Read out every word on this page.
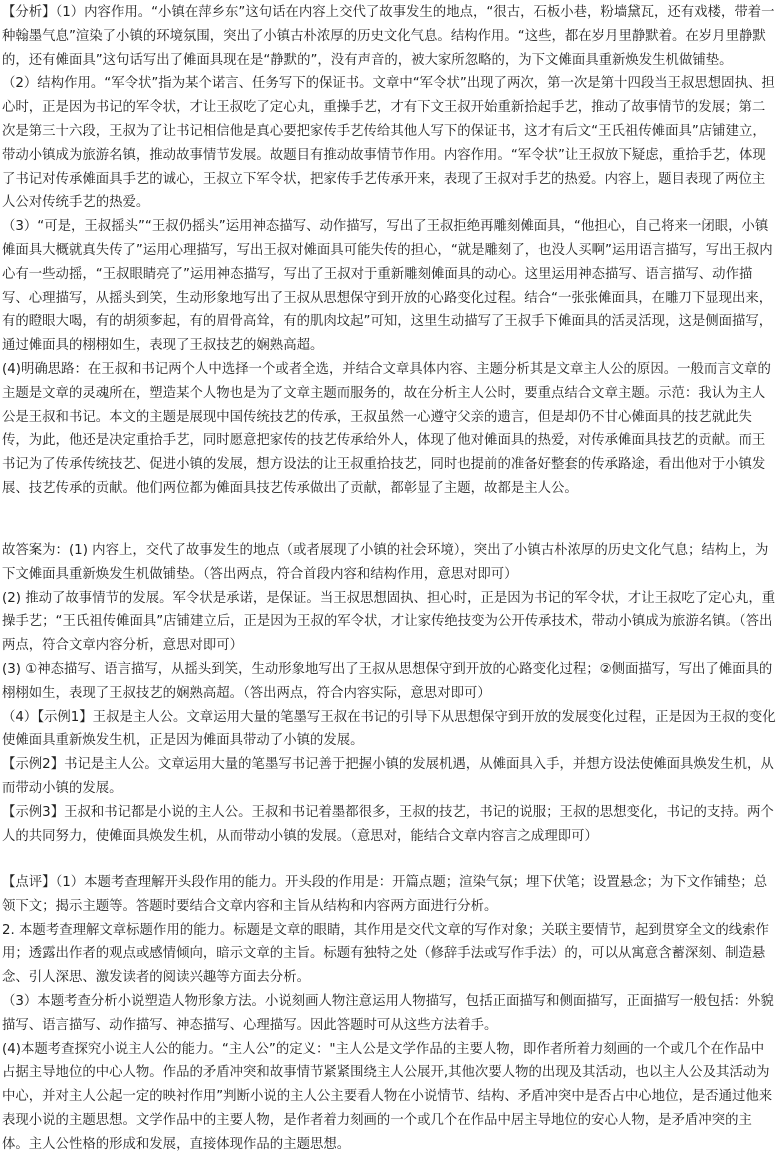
【分析】（1）内容作用。“小镇在萍乡东”这句话在内容上交代了故事发生的地点，“很古，石板小巷，粉墙黛瓦，还有戏楼，带着一种翰墨气息”渲染了小镇的环境氛围，突出了小镇古朴浓厚的历史文化气息。结构作用。“这些，都在岁月里静默着。在岁月里静默的，还有傩面具”这句话写出了傩面具现在是“静默的”，没有声音的，被大家所忽略的，为下文傩面具重新焕发生机做铺垫。

（2）结构作用。“军令状”指为某个诺言、任务写下的保证书。文章中“军令状”出现了两次，第一次是第十四段当王叔思想固执、担心时，正是因为书记的军令状，才让王叔吃了定心丸，重操手艺，才有下文王叔开始重新拾起手艺，推动了故事情节的发展；第二次是第三十六段，王叔为了让书记相信他是真心要把家传手艺传给其他人写下的保证书，这才有后文“王氏祖传傩面具”店铺建立，带动小镇成为旅游名镇，推动故事情节发展。故题目有推动故事情节作用。内容作用。“军令状”让王叔放下疑虑，重拾手艺，体现了书记对传承傩面具手艺的诚心，王叔立下军令状，把家传手艺传承开来，表现了王叔对手艺的热爱。内容上，题目表现了两位主人公对传统手艺的热爱。

（3）“可是，王叔摇头”“王叔仍摇头”运用神态描写、动作描写，写出了王叔拒绝再雕刻傩面具，“他担心，自己将来一闭眼，小镇傩面具大概就真失传了”运用心理描写，写出王叔对傩面具可能失传的担心，“就是雕刻了，也没人买啊”运用语言描写，写出王叔内心有一些动摇，“王叔眼睛亮了”运用神态描写，写出了王叔对于重新雕刻傩面具的动心。这里运用神态描写、语言描写、动作描写、心理描写，从摇头到笑，生动形象地写出了王叔从思想保守到开放的心路变化过程。结合“一张张傩面具，在雕刀下显现出来，有的瞪眼大喝，有的胡须奓起，有的眉骨高耸，有的肌肉坟起”可知，这里生动描写了王叔手下傩面具的活灵活现，这是侧面描写，通过傩面具的栩栩如生，表现了王叔技艺的娴熟高超。

(4)明确思路：在王叔和书记两个人中选择一个或者全选，并结合文章具体内容、主题分析其是文章主人公的原因。一般而言文章的主题是文章的灵魂所在，塑造某个人物也是为了文章主题而服务的，故在分析主人公时，要重点结合文章主题。示范：我认为主人公是王叔和书记。本文的主题是展现中国传统技艺的传承，王叔虽然一心遵守父亲的遗言，但是却仍不甘心傩面具的技艺就此失传，为此，他还是决定重拾手艺，同时愿意把家传的技艺传承给外人，体现了他对傩面具的热爱，对传承傩面具技艺的贡献。而王书记为了传承传统技艺、促进小镇的发展，想方设法的让王叔重拾技艺，同时也提前的准备好整套的传承路途，看出他对于小镇发展、技艺传承的贡献。他们两位都为傩面具技艺传承做出了贡献，都彰显了主题，故都是主人公。

故答案为：(1) 内容上，交代了故事发生的地点（或者展现了小镇的社会环境），突出了小镇古朴浓厚的历史文化气息；结构上，为下文傩面具重新焕发生机做铺垫。（答出两点，符合首段内容和结构作用，意思对即可）

(2) 推动了故事情节的发展。军令状是承诺，是保证。当王叔思想固执、担心时，正是因为书记的军令状，才让王叔吃了定心丸，重操手艺；“王氏祖传傩面具”店铺建立后，正是因为王叔的军令状，才让家传绝技变为公开传承技术，带动小镇成为旅游名镇。（答出两点，符合文章内容分析，意思对即可）

(3) ①神态描写、语言描写，从摇头到笑，生动形象地写出了王叔从思想保守到开放的心路变化过程；②侧面描写，写出了傩面具的栩栩如生，表现了王叔技艺的娴熟高超。（答出两点，符合内容实际，意思对即可）

（4）【示例1】王叔是主人公。文章运用大量的笔墨写王叔在书记的引导下从思想保守到开放的发展变化过程，正是因为王叔的变化使傩面具重新焕发生机，正是因为傩面具带动了小镇的发展。

【示例2】书记是主人公。文章运用大量的笔墨写书记善于把握小镇的发展机遇，从傩面具入手，并想方设法使傩面具焕发生机，从而带动小镇的发展。

【示例3】王叔和书记都是小说的主人公。王叔和书记着墨都很多，王叔的技艺，书记的说服；王叔的思想变化，书记的支持。两个人的共同努力，使傩面具焕发生机，从而带动小镇的发展。（意思对，能结合文章内容言之成理即可）

【点评】（1）本题考查理解开头段作用的能力。开头段的作用是：开篇点题；渲染气氛；埋下伏笔；设置悬念；为下文作铺垫；总领下文；揭示主题等。答题时要结合文章内容和主旨从结构和内容两方面进行分析。

2. 本题考查理解文章标题作用的能力。标题是文章的眼睛，其作用是交代文章的写作对象；关联主要情节，起到贯穿全文的线索作用；透露出作者的观点或感情倾向，暗示文章的主旨。标题有独特之处（修辞手法或写作手法）的，可以从寓意含蓄深刻、制造悬念、引人深思、激发读者的阅读兴趣等方面去分析。

（3）本题考查分析小说塑造人物形象方法。小说刻画人物注意运用人物描写，包括正面描写和侧面描写，正面描写一般包括：外貌描写、语言描写、动作描写、神态描写、心理描写。因此答题时可从这些方法着手。

(4)本题考查探究小说主人公的能力。“主人公”的定义："主人公是文学作品的主要人物，即作者所着力刻画的一个或几个在作品中占据主导地位的中心人物。作品的矛盾冲突和故事情节紧紧围绕主人公展开,其他次要人物的出现及其活动，也以主人公及其活动为中心，并对主人公起一定的映衬作用”判断小说的主人公主要看人物在小说情节、结构、矛盾冲突中是否占中心地位，是否通过他来表现小说的主题思想。文学作品中的主要人物，是作者着力刻画的一个或几个在作品中居主导地位的安心人物，是矛盾冲突的主体。主人公性格的形成和发展，直接体现作品的主题思想。
